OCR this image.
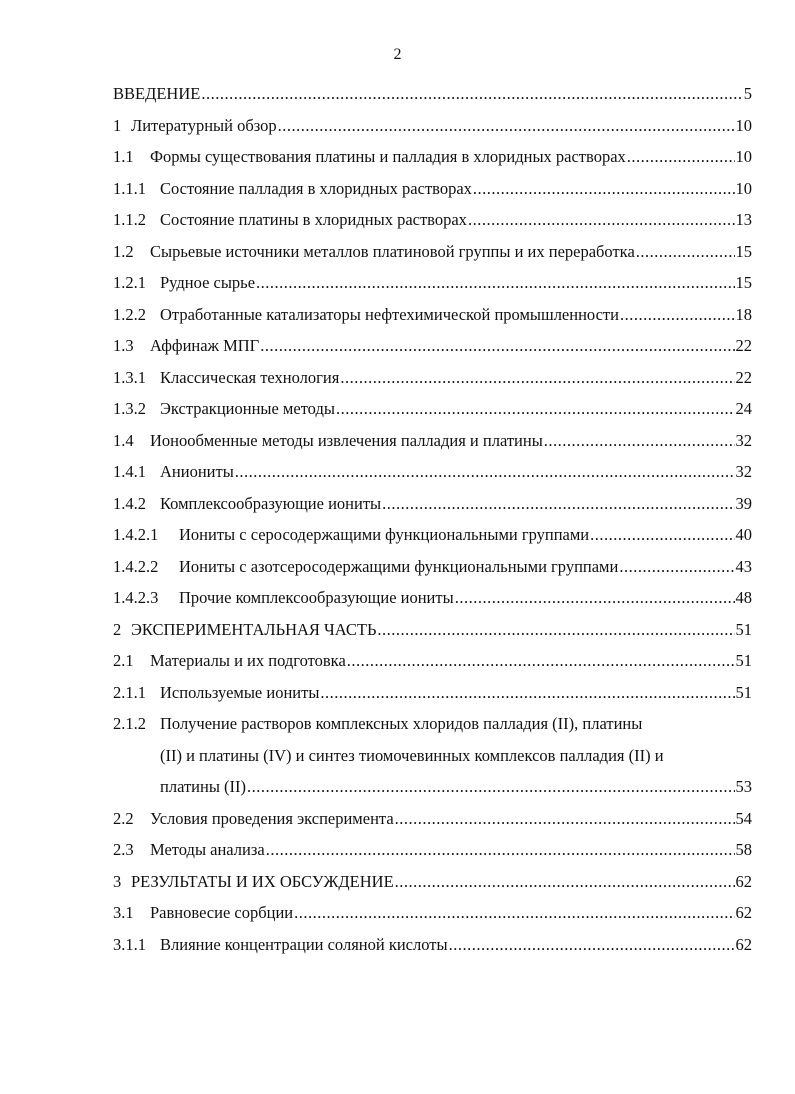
2
ВВЕДЕНИЕ .....	5
1 Литературный обзор .....	10
1.1 Формы существования платины и палладия в хлоридных растворах .....	10
1.1.1 Состояние палладия в хлоридных растворах .....	10
1.1.2 Состояние платины в хлоридных растворах .....	13
1.2 Сырьевые источники металлов платиновой группы и их переработка .....	15
1.2.1 Рудное сырье .....	15
1.2.2 Отработанные катализаторы нефтехимической промышленности .....	18
1.3 Аффинаж МПГ .....	22
1.3.1 Классическая технология .....	22
1.3.2 Экстракционные методы .....	24
1.4 Ионообменные методы извлечения палладия и платины .....	32
1.4.1 Аниониты .....	32
1.4.2 Комплексообразующие иониты .....	39
1.4.2.1	Иониты с серосодержащими функциональными группами .....	40
1.4.2.2	Иониты с азотсеросодержащими функциональными группами .....	43
1.4.2.3	Прочие комплексообразующие иониты .....	48
2 ЭКСПЕРИМЕНТАЛЬНАЯ ЧАСТЬ .....	51
2.1 Материалы и их подготовка .....	51
2.1.1 Используемые иониты .....	51
2.1.2 Получение растворов комплексных хлоридов палладия (II), платины
(II) и платины (IV) и синтез тиомочевинных комплексов палладия (II) и
платины (II) .....	53
2.2 Условия проведения эксперимента .....	54
2.3 Методы анализа .....	58
3 РЕЗУЛЬТАТЫ И ИХ ОБСУЖДЕНИЕ .....	62
3.1 Равновесие сорбции .....	62
3.1.1 Влияние концентрации соляной кислоты .....	62
